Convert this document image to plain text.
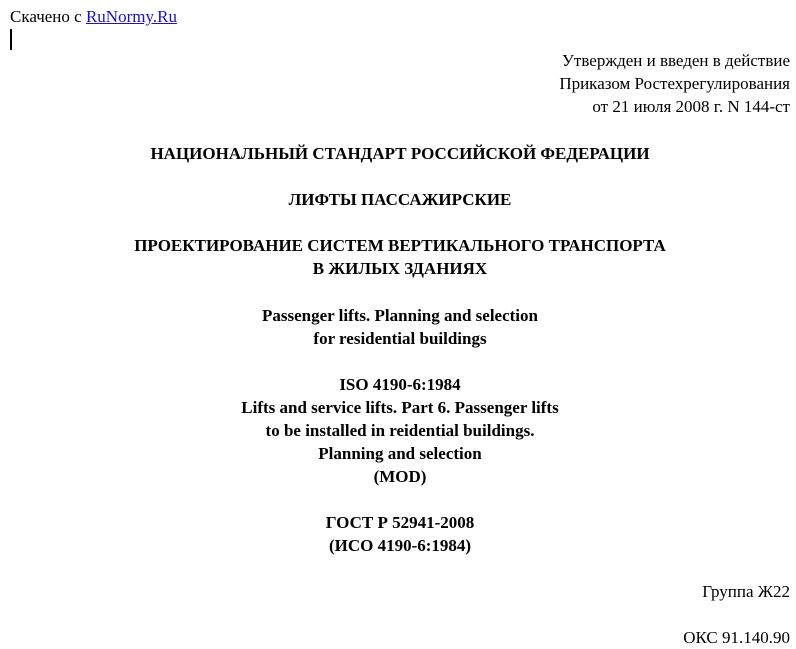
Скачено с RuNormy.Ru
Утвержден и введен в действие
Приказом Ростехрегулирования
от 21 июля 2008 г. N 144-ст
НАЦИОНАЛЬНЫЙ СТАНДАРТ РОССИЙСКОЙ ФЕДЕРАЦИИ
ЛИФТЫ ПАССАЖИРСКИЕ
ПРОЕКТИРОВАНИЕ СИСТЕМ ВЕРТИКАЛЬНОГО ТРАНСПОРТА
В ЖИЛЫХ ЗДАНИЯХ
Passenger lifts. Planning and selection
for residential buildings
ISO 4190-6:1984
Lifts and service lifts. Part 6. Passenger lifts
to be installed in reidential buildings.
Planning and selection
(MOD)
ГОСТ Р 52941-2008
(ИСО 4190-6:1984)
Группа Ж22
ОКС 91.140.90
